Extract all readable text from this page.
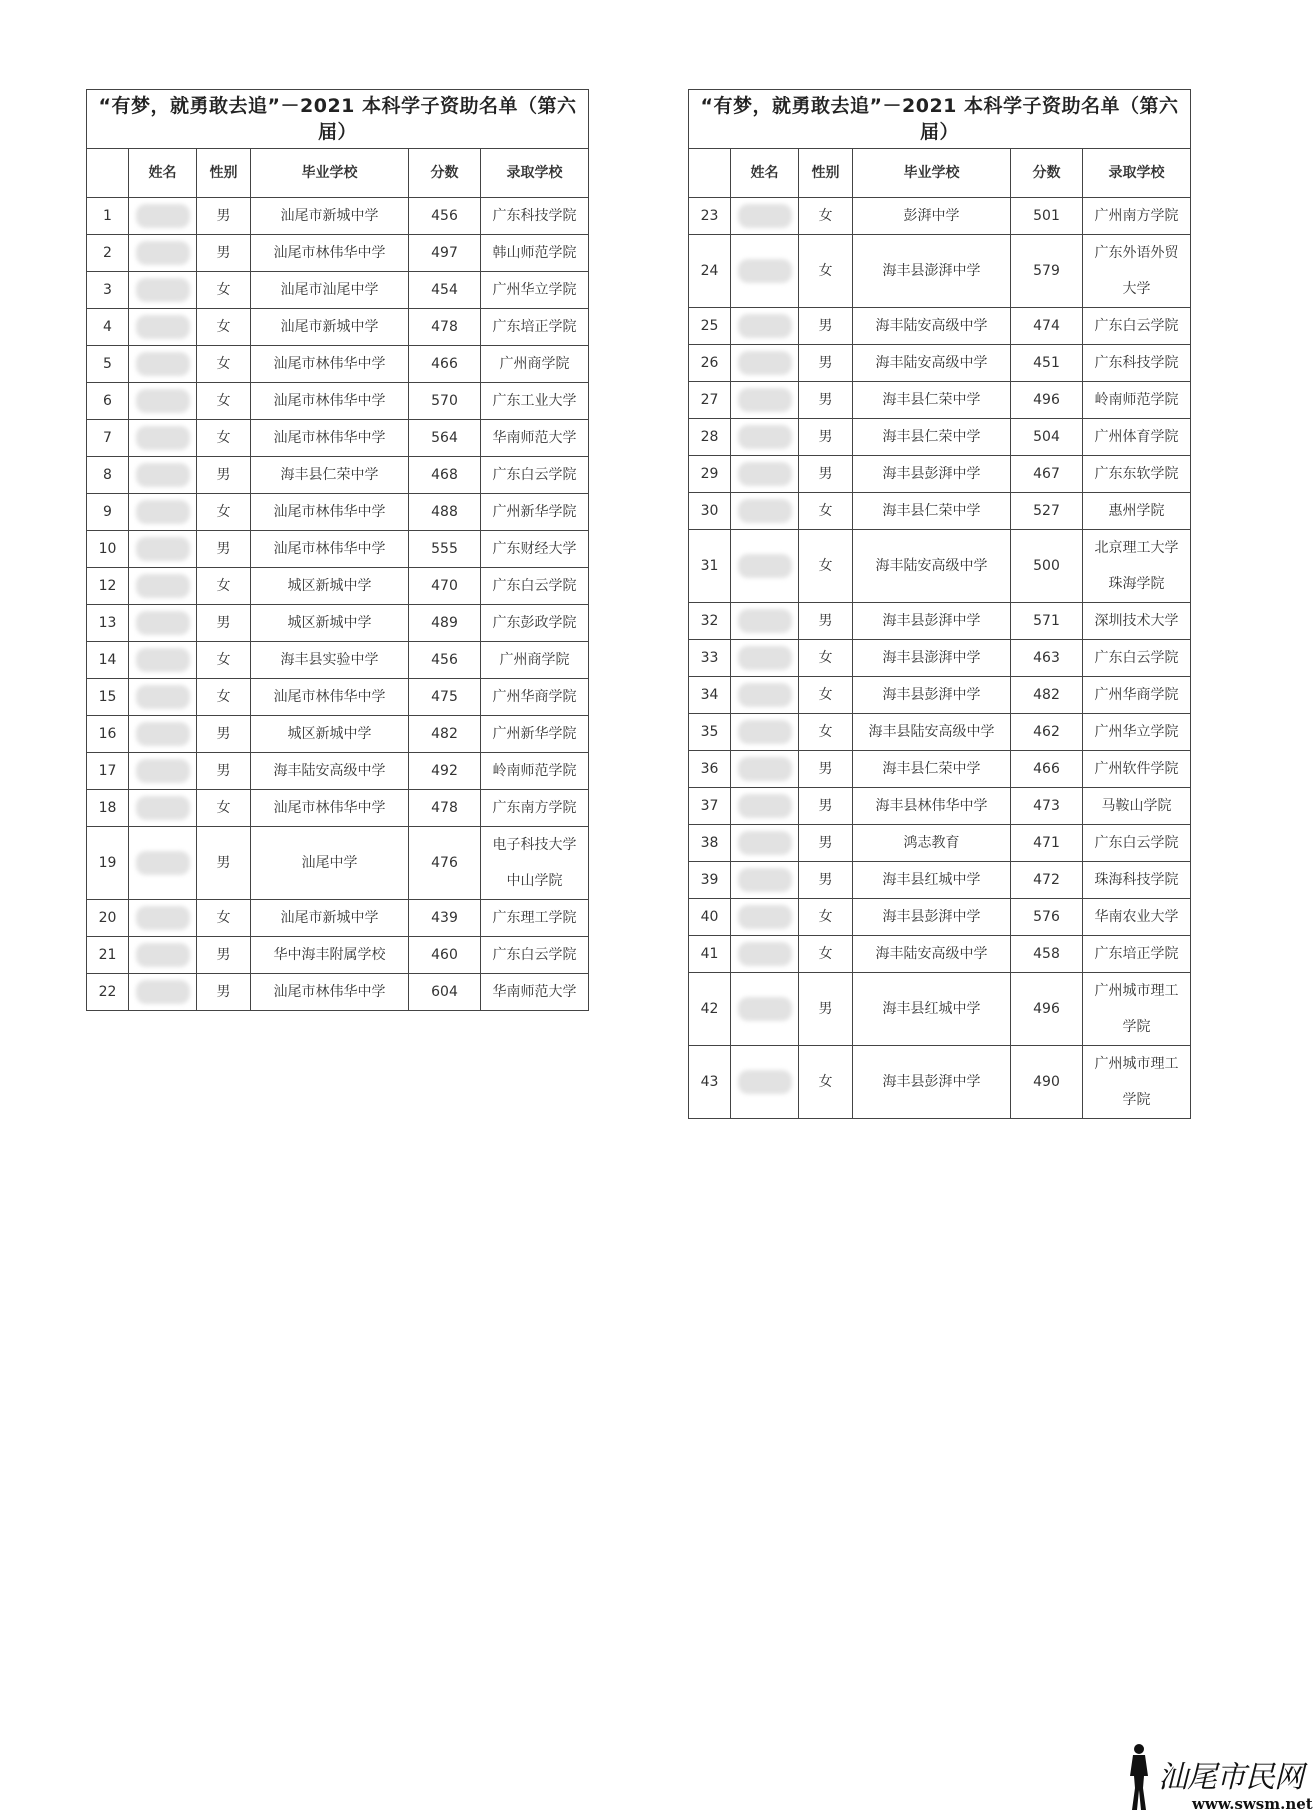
“有梦，就勇敢去追”－2021 本科学子资助名单（第六届）					
	姓名	性别	毕业学校	分数	录取学校
1		男	汕尾市新城中学	456	广东科技学院
2		男	汕尾市林伟华中学	497	韩山师范学院
3		女	汕尾市汕尾中学	454	广州华立学院
4		女	汕尾市新城中学	478	广东培正学院
5		女	汕尾市林伟华中学	466	广州商学院
6		女	汕尾市林伟华中学	570	广东工业大学
7		女	汕尾市林伟华中学	564	华南师范大学
8		男	海丰县仁荣中学	468	广东白云学院
9		女	汕尾市林伟华中学	488	广州新华学院
10		男	汕尾市林伟华中学	555	广东财经大学
12		女	城区新城中学	470	广东白云学院
13		男	城区新城中学	489	广东彭政学院
14		女	海丰县实验中学	456	广州商学院
15		女	汕尾市林伟华中学	475	广州华商学院
16		男	城区新城中学	482	广州新华学院
17		男	海丰陆安高级中学	492	岭南师范学院
18		女	汕尾市林伟华中学	478	广东南方学院
19		男	汕尾中学	476	电子科技大学中山学院
20		女	汕尾市新城中学	439	广东理工学院
21		男	华中海丰附属学校	460	广东白云学院
22		男	汕尾市林伟华中学	604	华南师范大学
“有梦，就勇敢去追”－2021 本科学子资助名单（第六届）					
	姓名	性别	毕业学校	分数	录取学校
23		女	彭湃中学	501	广州南方学院
24		女	海丰县澎湃中学	579	广东外语外贸大学
25		男	海丰陆安高级中学	474	广东白云学院
26		男	海丰陆安高级中学	451	广东科技学院
27		男	海丰县仁荣中学	496	岭南师范学院
28		男	海丰县仁荣中学	504	广州体育学院
29		男	海丰县彭湃中学	467	广东东软学院
30		女	海丰县仁荣中学	527	惠州学院
31		女	海丰陆安高级中学	500	北京理工大学珠海学院
32		男	海丰县彭湃中学	571	深圳技术大学
33		女	海丰县澎湃中学	463	广东白云学院
34		女	海丰县彭湃中学	482	广州华商学院
35		女	海丰县陆安高级中学	462	广州华立学院
36		男	海丰县仁荣中学	466	广州软件学院
37		男	海丰县林伟华中学	473	马鞍山学院
38		男	鸿志教育	471	广东白云学院
39		男	海丰县红城中学	472	珠海科技学院
40		女	海丰县彭湃中学	576	华南农业大学
41		女	海丰陆安高级中学	458	广东培正学院
42		男	海丰县红城中学	496	广州城市理工学院
43		女	海丰县彭湃中学	490	广州城市理工学院
汕尾市民网
www.swsm.net
